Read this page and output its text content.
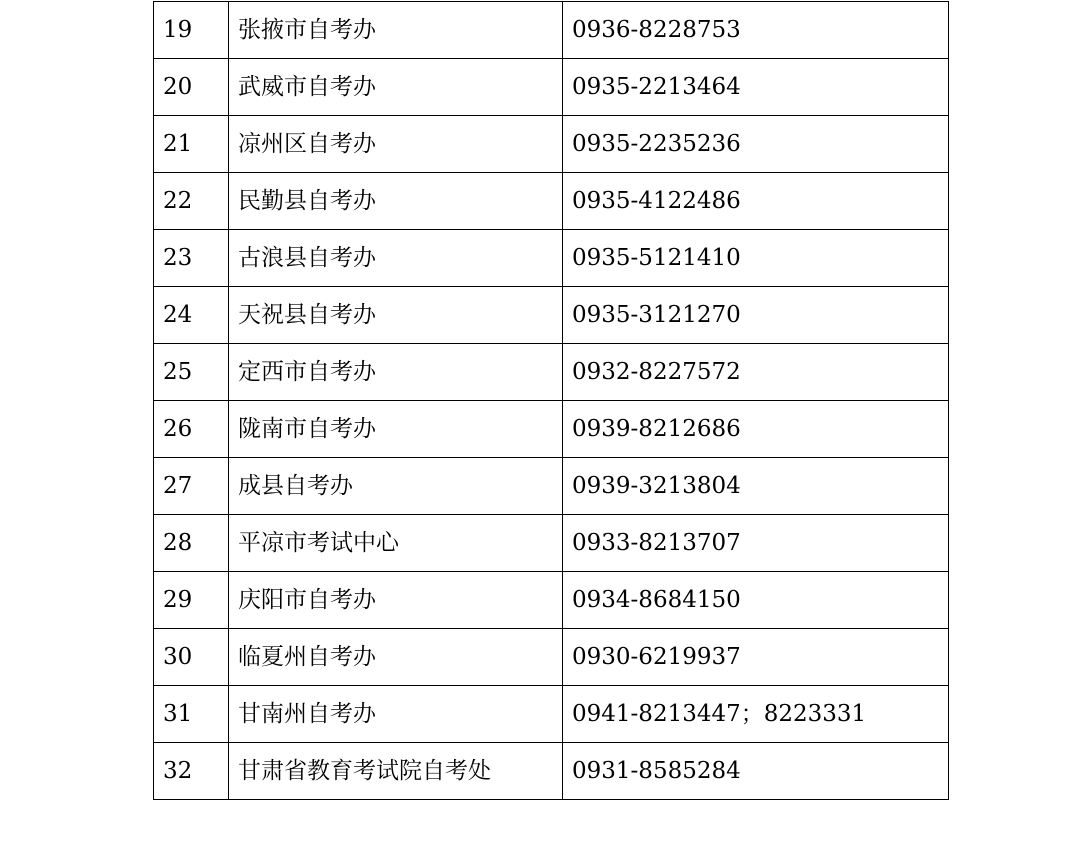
19	张掖市自考办	0936-8228753
20	武威市自考办	0935-2213464
21	凉州区自考办	0935-2235236
22	民勤县自考办	0935-4122486
23	古浪县自考办	0935-5121410
24	天祝县自考办	0935-3121270
25	定西市自考办	0932-8227572
26	陇南市自考办	0939-8212686
27	成县自考办	0939-3213804
28	平凉市考试中心	0933-8213707
29	庆阳市自考办	0934-8684150
30	临夏州自考办	0930-6219937
31	甘南州自考办	0941-8213447；8223331
32	甘肃省教育考试院自考处	0931-8585284
